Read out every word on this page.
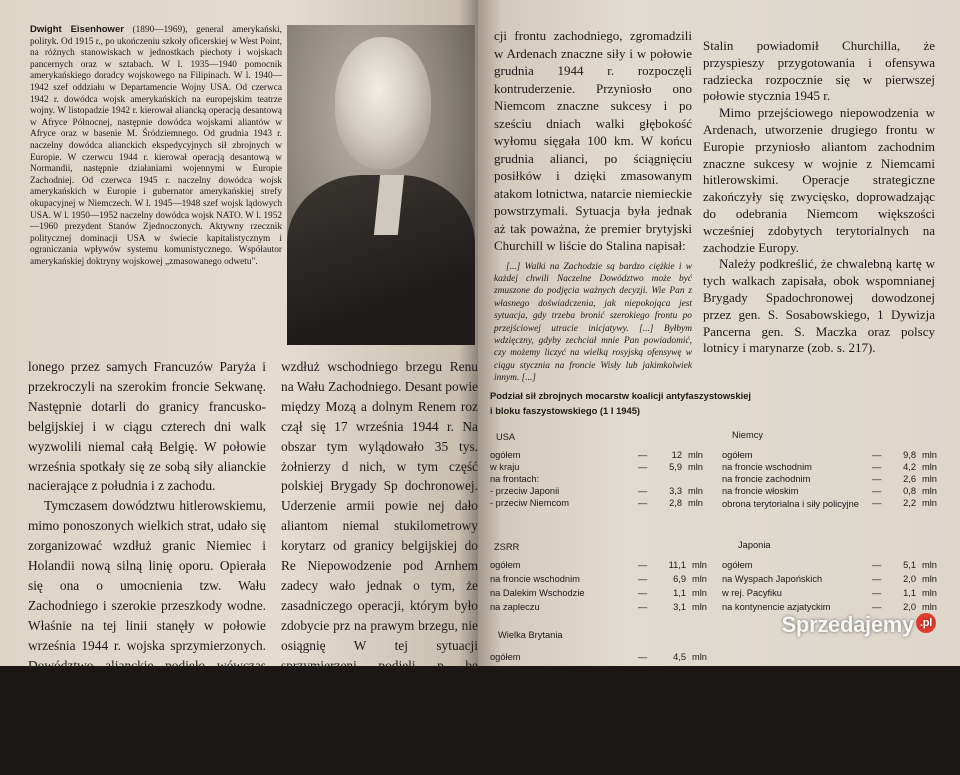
Dwight Eisenhower (1890—1969), general amerykański, polityk. Od 1915 r., po ukończeniu szkoły oficerskiej w West Point, na różnych stanowiskach w jednostkach piechoty i wojskach pancernych oraz w sztabach. W l. 1935—1940 pomocnik amerykańskiego doradcy wojskowego na Filipinach. W l. 1940—1942 szef oddziału w Departamencie Wojny USA. Od czerwca 1942 r. dowódca wojsk amerykańskich na europejskim teatrze wojny. W listopadzie 1942 r. kierował aliancką operacją desantową w Afryce Północnej, następnie dowódca wojskami aliantów w Afryce oraz w basenie M. Śródziemnego. Od grudnia 1943 r. naczelny dowódca alianckich ekspedycyjnych sił zbrojnych w Europie. W czerwcu 1944 r. kierował operacją desantową w Normandii, następnie działaniami wojennymi w Europie Zachodniej. Od czerwca 1945 r. naczelny dowódca wojsk amerykańskich w Europie i gubernator amerykańskiej strefy okupacyjnej w Niemczech. W l. 1945—1948 szef wojsk lądowych USA. W l. 1950—1952 naczelny dowódca wojsk NATO. W l. 1952—1960 prezydent Stanów Zjednoczonych. Aktywny rzecznik politycznej dominacji USA w świecie kapitalistycznym i ograniczania wpływów systemu komunistycznego. Współautor amerykańskiej doktryny wojskowej „zmasowanego odwetu".

lonego przez samych Francuzów Paryża i przekroczyli na szerokim froncie Sekwanę. Następnie dotarli do granicy francusko-belgijskiej i w ciągu czterech dni walk wyzwolili niemal całą Belgię. W połowie września spotkały się ze sobą siły alianckie nacierające z południa i z zachodu.

Tymczasem dowództwu hitlerowskiemu, mimo ponoszonych wielkich strat, udało się zorganizować wzdłuż granic Niemiec i Holandii nową silną linię oporu. Opierała się ona o umocnienia tzw. Wału Zachodniego i szerokie przeszkody wodne. Właśnie na tej linii stanęły w połowie września 1944 r. wojska sprzymierzonych. Dowództwo alianckie podjęło wówczas decyzję o przeprowadzeniu ope-

wzdłuż wschodniego brzegu Renu na Wału Zachodniego. Desant powie między Mozą a dolnym Renem roz czął się 17 września 1944 r. Na obszar tym wylądowało 35 tys. żołnierzy d nich, w tym część polskiej Brygady Sp dochronowej. Uderzenie armii powie nej dało aliantom niemal stukilometrowy korytarz od granicy belgijskiej do Re Niepowodzenie pod Arnhem zadecy wało jednak o tym, że zasadniczego operacji, którym było zdobycie prz na prawym brzegu, nie osiągnię W tej sytuacji sprzymierzeni podjęli p bę czołowego przełamania Wału Za niego. Natarcie było prowadzone w ciągu listopada i grudnia 1944 r. na Akwizgranu i Saary. Doprowadziło o

cji frontu zachodniego, zgromadzili w Ardenach znaczne siły i w połowie grudnia 1944 r. rozpoczęli kontruderzenie. Przyniosło ono Niemcom znaczne sukcesy i po sześciu dniach walki głębokość wyłomu sięgała 100 km. W końcu grudnia alianci, po ściągnięciu posiłków i dzięki zmasowanym atakom lotnictwa, natarcie niemieckie powstrzymali. Sytuacja była jednak aż tak poważna, że premier brytyjski Churchill w liście do Stalina napisał:

[...] Walki na Zachodzie są bardzo ciężkie i w każdej chwili Naczelne Dowództwo może być zmuszone do podjęcia ważnych decyzji. Wie Pan z własnego doświadczenia, jak niepokojąca jest sytuacja, gdy trzeba bronić szerokiego frontu po przejściowej utracie inicjatywy. [...] Byłbym wdzięczny, gdyby zechciał mnie Pan powiadomić, czy możemy liczyć na wielką rosyjską ofensywę w ciągu stycznia na froncie Wisły lub jakimkolwiek innym. [...]

Stalin powiadomił Churchilla, że przyspieszy przygotowania i ofensywa radziecka rozpocznie się w pierwszej połowie stycznia 1945 r.

Mimo przejściowego niepowodzenia w Ardenach, utworzenie drugiego frontu w Europie przyniosło aliantom zachodnim znaczne sukcesy w wojnie z Niemcami hitlerowskimi. Operacje strategiczne zakończyły się zwycięsko, doprowadzając do odebrania Niemcom większości wcześniej zdobytych terytorialnych na zachodzie Europy.

Należy podkreślić, że chwalebną kartę w tych walkach zapisała, obok wspomnianej Brygady Spadochronowej dowodzonej przez gen. S. Sosabowskiego, 1 Dywizja Pancerna gen. S. Maczka oraz polscy lotnicy i marynarze (zob. s. 217).

Podział sił zbrojnych mocarstw koalicji antyfaszystowskiej
i bloku faszystowskiego (1 I 1945)

USA
ogółem	—	12 mln
w kraju	—	5,9 mln
na frontach:
- przeciw Japonii	—	3,3 mln
- przeciw Niemcom	—	2,8 mln
Niemcy
ogółem	—	9,8 mln
na froncie wschodnim	—	4,2 mln
na froncie zachodnim	—	2,6 mln
na froncie włoskim	—	0,8 mln
obrona terytorialna i siły policyjne	—	2,2 mln
ZSRR
ogółem	—	11,1 mln
na froncie wschodnim	—	6,9 mln
na Dalekim Wschodzie	—	1,1 mln
na zapleczu	—	3,1 mln
Japonia
ogółem	—	5,1 mln
na Wyspach Japońskich	—	2,0 mln
w rej. Pacyfiku	—	1,1 mln
na kontynencie azjatyckim	—	2,0 mln
Wielka Brytania
ogółem	—	4,5 mln
Sprzedajemy .pl
